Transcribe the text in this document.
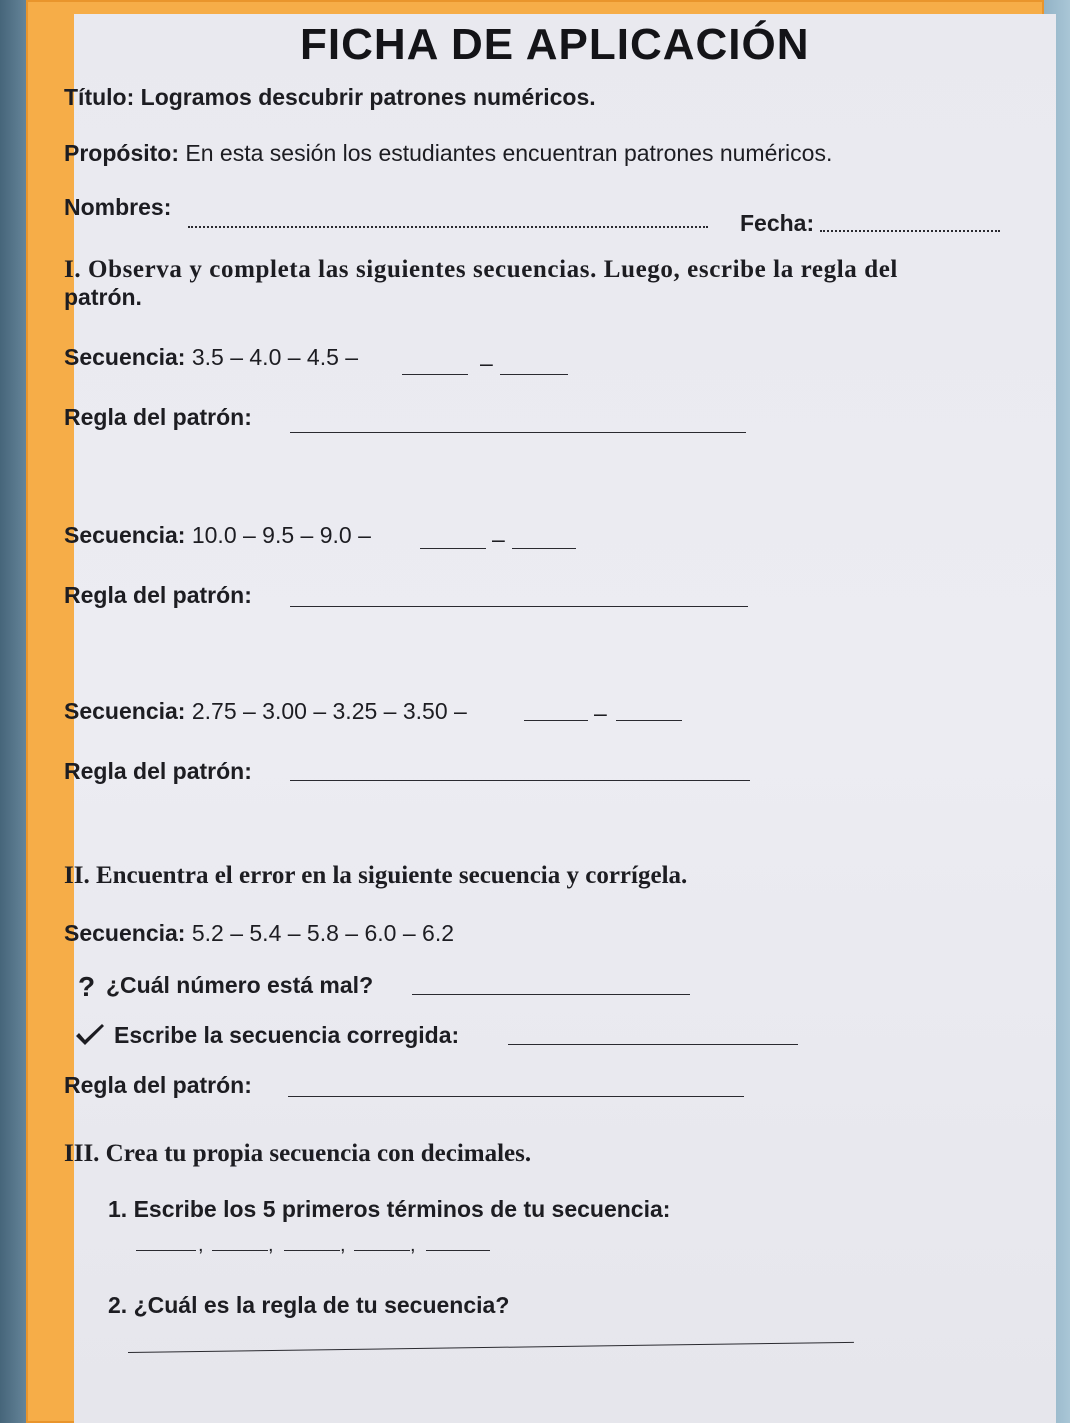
FICHA DE APLICACIÓN
Título: Logramos descubrir patrones numéricos.
Propósito: En esta sesión los estudiantes encuentran patrones numéricos.
Nombres:
Fecha:
I. Observa y completa las siguientes secuencias. Luego, escribe la regla del
patrón.
Secuencia: 3.5 – 4.0 – 4.5 –	–
Regla del patrón:
Secuencia: 10.0 – 9.5 – 9.0 –	–
Regla del patrón:
Secuencia: 2.75 – 3.00 – 3.25 – 3.50 –	–
Regla del patrón:
II. Encuentra el error en la siguiente secuencia y corrígela.
Secuencia: 5.2 – 5.4 – 5.8 – 6.0 – 6.2
? ¿Cuál número está mal?
Escribe la secuencia corregida:
Regla del patrón:
III. Crea tu propia secuencia con decimales.
1. Escribe los 5 primeros términos de tu secuencia:
,	,	,	,
2. ¿Cuál es la regla de tu secuencia?
